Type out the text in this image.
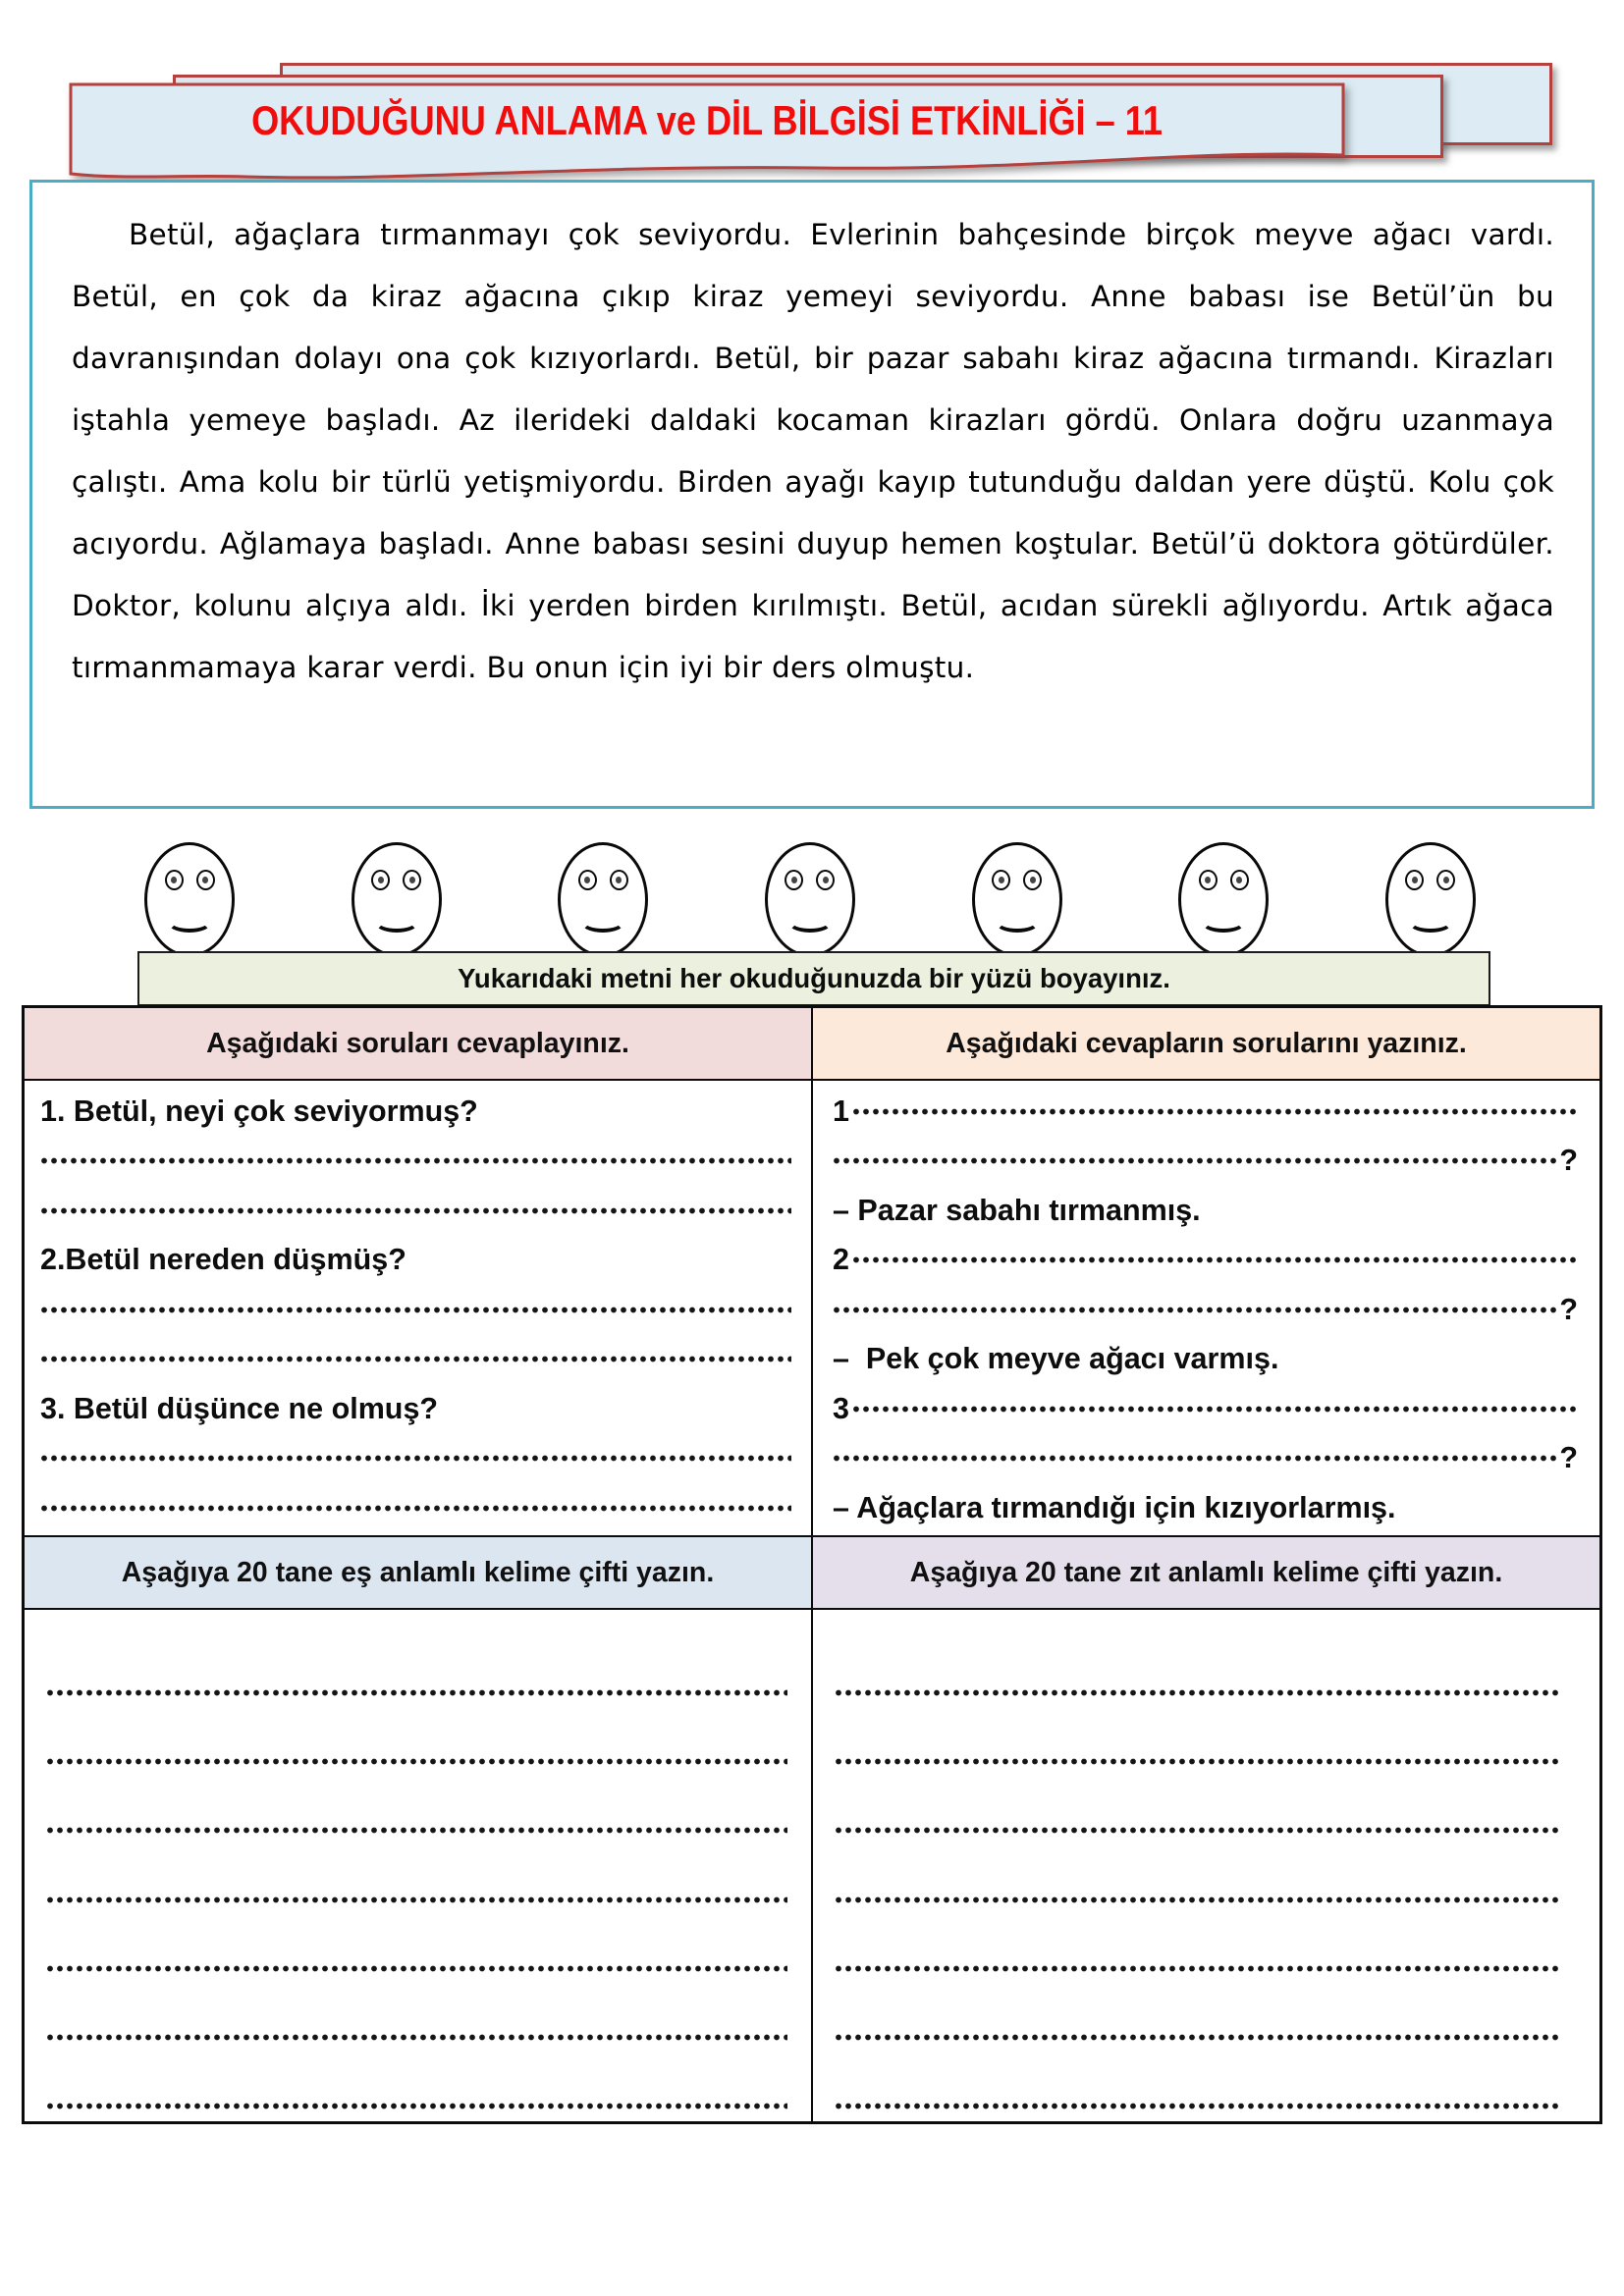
OKUDUĞUNU ANLAMA ve DİL BİLGİSİ ETKİNLİĞİ – 11

Betül, ağaçlara tırmanmayı çok seviyordu. Evlerinin bahçesinde birçok meyve ağacı vardı. Betül, en çok da kiraz ağacına çıkıp kiraz yemeyi seviyordu. Anne babası ise Betül’ün bu davranışından dolayı ona çok kızıyorlardı. Betül, bir pazar sabahı kiraz ağacına tırmandı. Kirazları iştahla yemeye başladı. Az ilerideki daldaki kocaman kirazları gördü. Onlara doğru uzanmaya çalıştı. Ama kolu bir türlü yetişmiyordu. Birden ayağı kayıp tutunduğu daldan yere düştü. Kolu çok acıyordu. Ağlamaya başladı. Anne babası sesini duyup hemen koştular. Betül’ü doktora götürdüler. Doktor, kolunu alçıya aldı. İki yerden birden kırılmıştı. Betül, acıdan sürekli ağlıyordu. Artık ağaca tırmanmamaya karar verdi. Bu onun için iyi bir ders olmuştu.

Yukarıdaki metni her okuduğunuzda bir yüzü boyayınız.
Aşağıdaki soruları cevaplayınız.	Aşağıdaki cevapların sorularını yazınız.
1. Betül, neyi çok seviyormuş?
2.Betül nereden düşmüş?
3. Betül düşünce ne olmuş?
1
?
– Pazar sabahı tırmanmış.
2
?
–  Pek çok meyve ağacı varmış.
3
?
– Ağaçlara tırmandığı için kızıyorlarmış.
Aşağıya 20 tane eş anlamlı kelime çifti yazın.	Aşağıya 20 tane zıt anlamlı kelime çifti yazın.
